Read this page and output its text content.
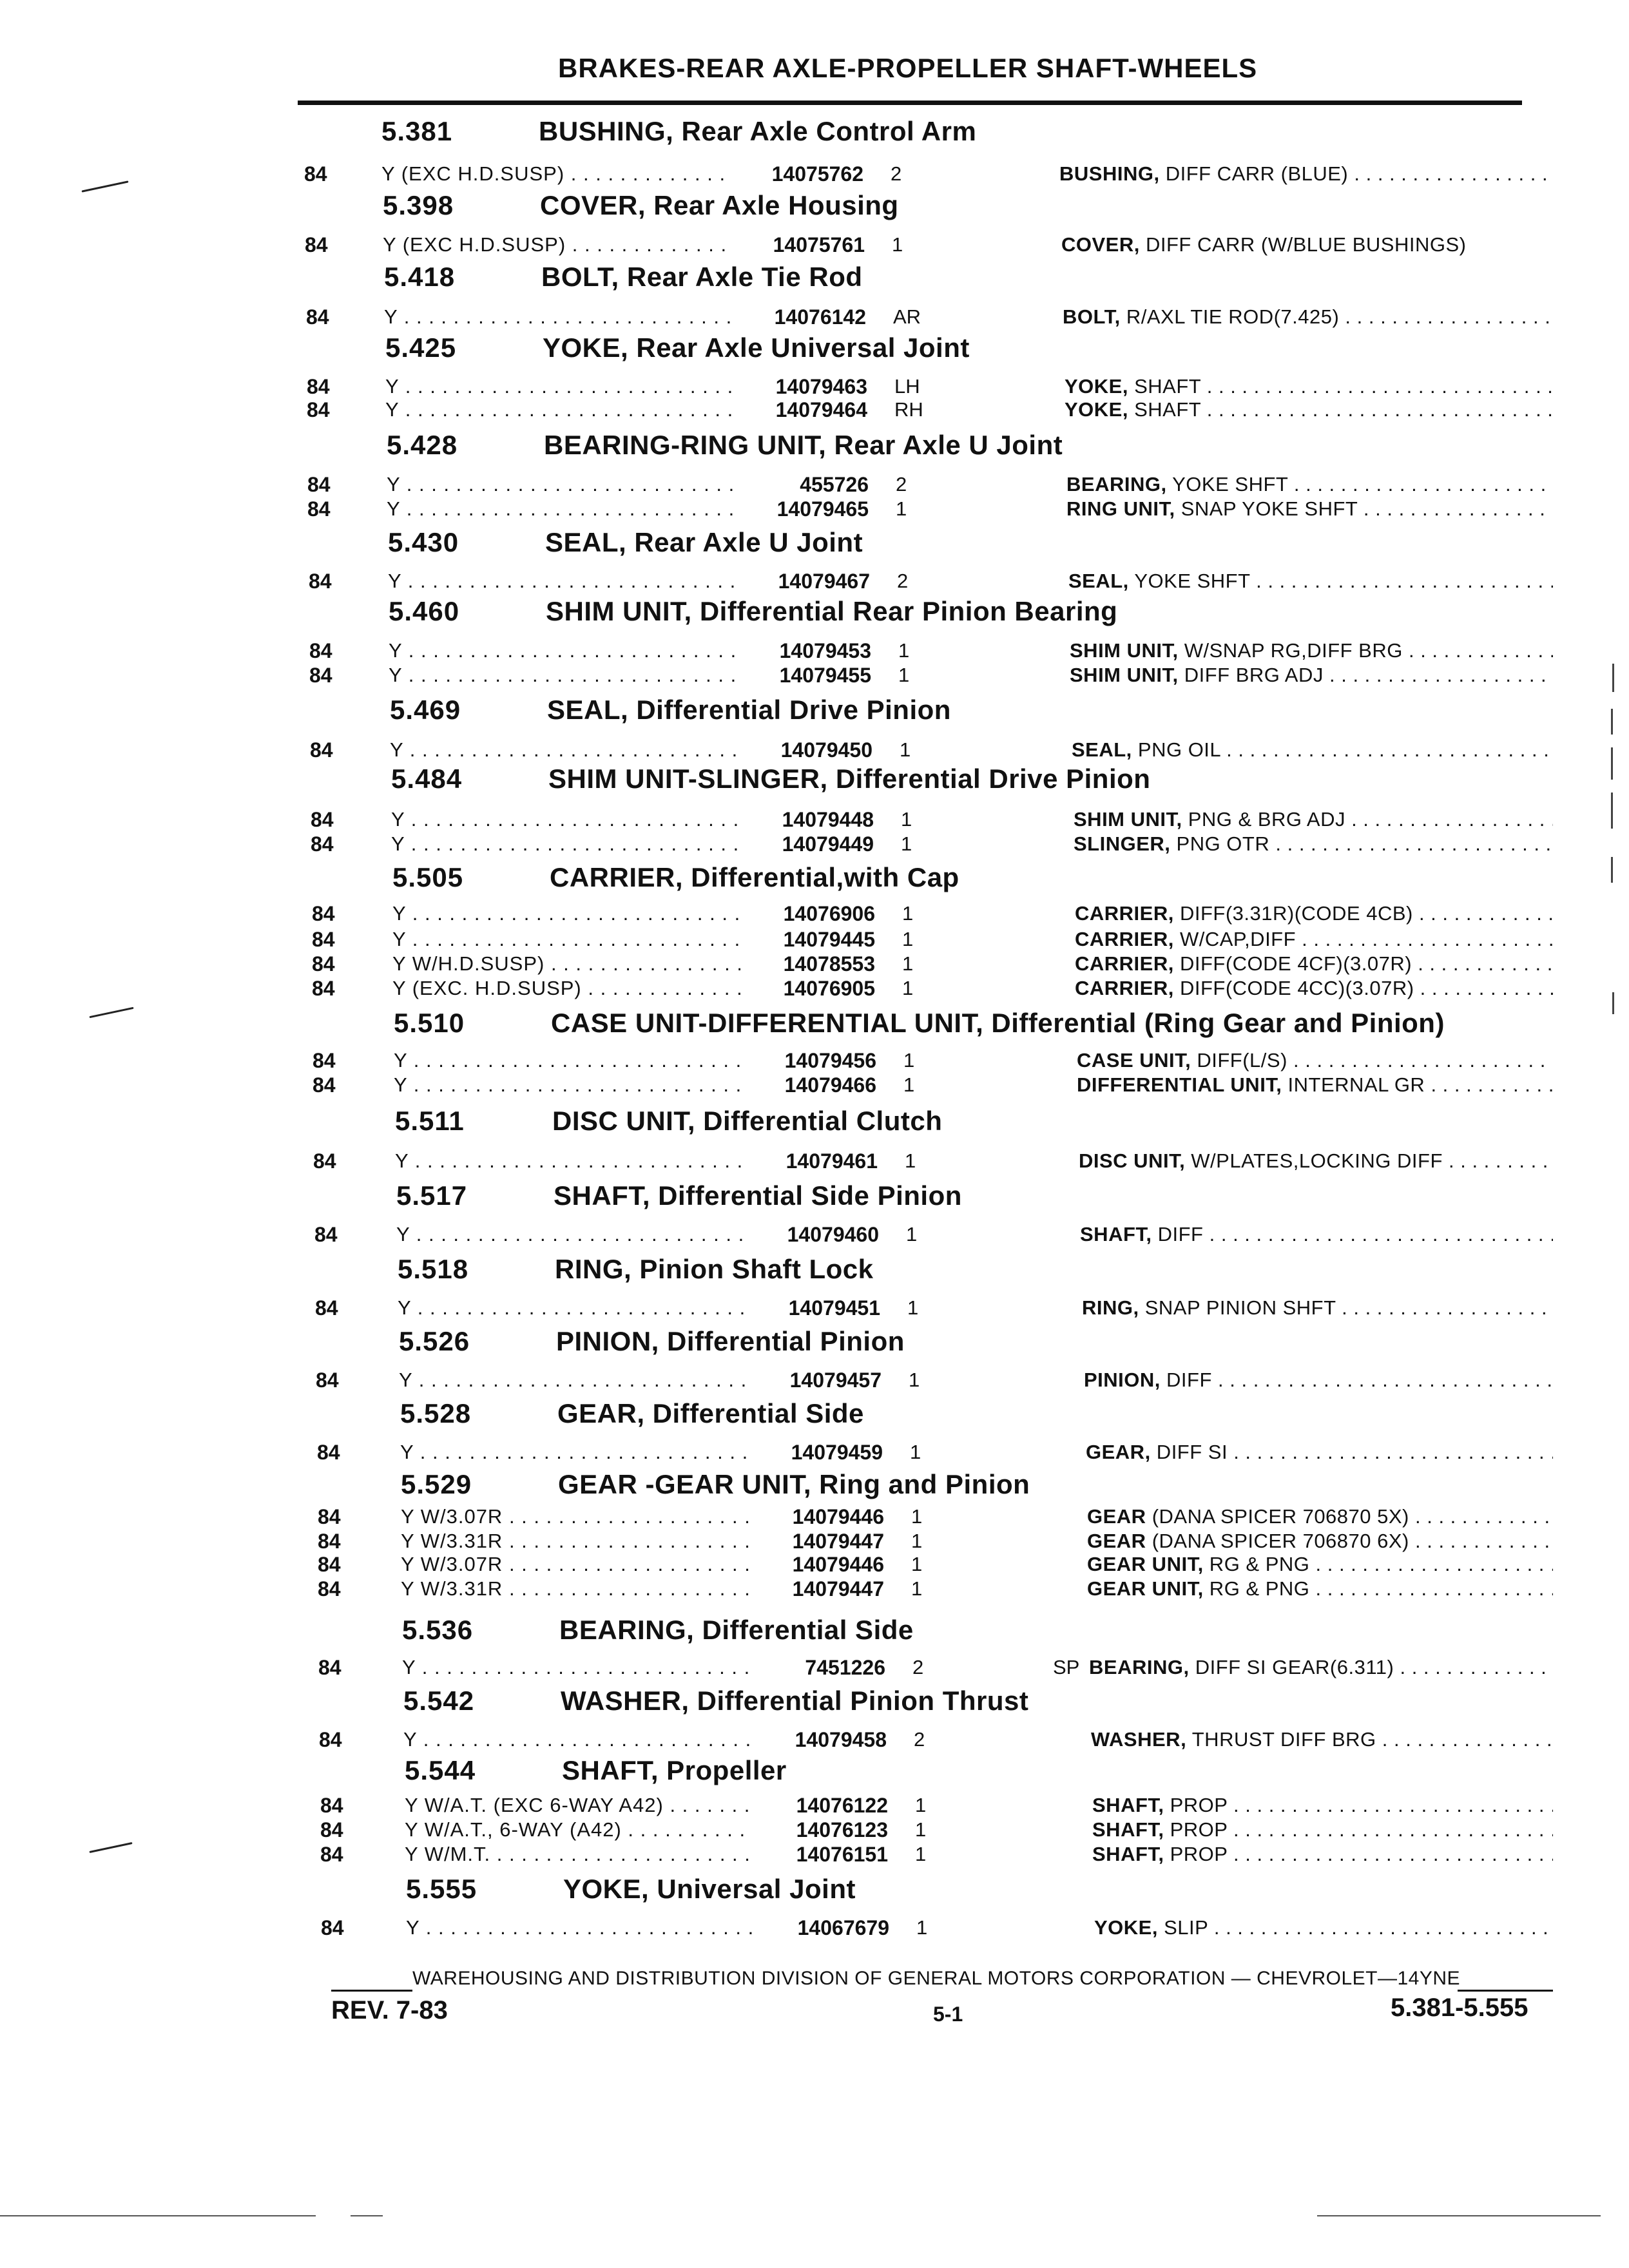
BRAKES-REAR AXLE-PROPELLER SHAFT-WHEELS
5.381	BUSHING, Rear Axle Control Arm
84	Y (EXC H.D.SUSP) . . .	14075762 2	BUSHING, DIFF CARR (BLUE) . . .
5.398	COVER, Rear Axle Housing
84	Y (EXC H.D.SUSP) . . .	14075761 1	COVER, DIFF CARR (W/BLUE BUSHINGS)
5.418	BOLT, Rear Axle Tie Rod
84	Y . . .	14076142 AR	BOLT, R/AXL TIE ROD(7.425) . . .
5.425	YOKE, Rear Axle Universal Joint
84	Y . . .	14079463 LH	YOKE, SHAFT . . .
84	Y . . .	14079464 RH	YOKE, SHAFT . . .
5.428	BEARING-RING UNIT, Rear Axle U Joint
84	Y . . .	455726 2	BEARING, YOKE SHFT . . .
84	Y . . .	14079465 1	RING UNIT, SNAP YOKE SHFT . . .
5.430	SEAL, Rear Axle U Joint
84	Y . . .	14079467 2	SEAL, YOKE SHFT . . .
5.460	SHIM UNIT, Differential Rear Pinion Bearing
84	Y . . .	14079453 1	SHIM UNIT, W/SNAP RG,DIFF BRG . . .
84	Y . . .	14079455 1	SHIM UNIT, DIFF BRG ADJ . . .
5.469	SEAL, Differential Drive Pinion
84	Y . . .	14079450 1	SEAL, PNG OIL . . .
5.484	SHIM UNIT-SLINGER, Differential Drive Pinion
84	Y . . .	14079448 1	SHIM UNIT, PNG & BRG ADJ . . .
84	Y . . .	14079449 1	SLINGER, PNG OTR . . .
5.505	CARRIER, Differential,with Cap
84	Y . . .	14076906 1	CARRIER, DIFF(3.31R)(CODE 4CB) . . .
84	Y . . .	14079445 1	CARRIER, W/CAP,DIFF . . .
84	Y W/H.D.SUSP) . . .	14078553 1	CARRIER, DIFF(CODE 4CF)(3.07R) . . .
84	Y (EXC. H.D.SUSP) . . .	14076905 1	CARRIER, DIFF(CODE 4CC)(3.07R) . . .
5.510	CASE UNIT-DIFFERENTIAL UNIT, Differential (Ring Gear and Pinion)
84	Y . . .	14079456 1	CASE UNIT, DIFF(L/S) . . .
84	Y . . .	14079466 1	DIFFERENTIAL UNIT, INTERNAL GR . . .
5.511	DISC UNIT, Differential Clutch
84	Y . . .	14079461 1	DISC UNIT, W/PLATES,LOCKING DIFF . . .
5.517	SHAFT, Differential Side Pinion
84	Y . . .	14079460 1	SHAFT, DIFF . . .
5.518	RING, Pinion Shaft Lock
84	Y . . .	14079451 1	RING, SNAP PINION SHFT . . .
5.526	PINION, Differential Pinion
84	Y . . .	14079457 1	PINION, DIFF . . .
5.528	GEAR, Differential Side
84	Y . . .	14079459 1	GEAR, DIFF SI . . .
5.529	GEAR -GEAR UNIT, Ring and Pinion
84	Y W/3.07R . . .	14079446 1	GEAR (DANA SPICER 706870 5X) . . .
84	Y W/3.31R . . .	14079447 1	GEAR (DANA SPICER 706870 6X) . . .
84	Y W/3.07R . . .	14079446 1	GEAR UNIT, RG & PNG . . .
84	Y W/3.31R . . .	14079447 1	GEAR UNIT, RG & PNG . . .
5.536	BEARING, Differential Side
84	Y . . .	7451226 2	SP BEARING, DIFF SI GEAR(6.311) . . .
5.542	WASHER, Differential Pinion Thrust
84	Y . . .	14079458 2	WASHER, THRUST DIFF BRG . . .
5.544	SHAFT, Propeller
84	Y W/A.T. (EXC 6-WAY A42) . . .	14076122 1	SHAFT, PROP . . .
84	Y W/A.T., 6-WAY (A42) . . .	14076123 1	SHAFT, PROP . . .
84	Y W/M.T. . . .	14076151 1	SHAFT, PROP . . .
5.555	YOKE, Universal Joint
84	Y . . .	14067679 1	YOKE, SLIP . . .
WAREHOUSING AND DISTRIBUTION DIVISION OF GENERAL MOTORS CORPORATION — CHEVROLET—14YNE
REV. 7-83	5-1	5.381-5.555
